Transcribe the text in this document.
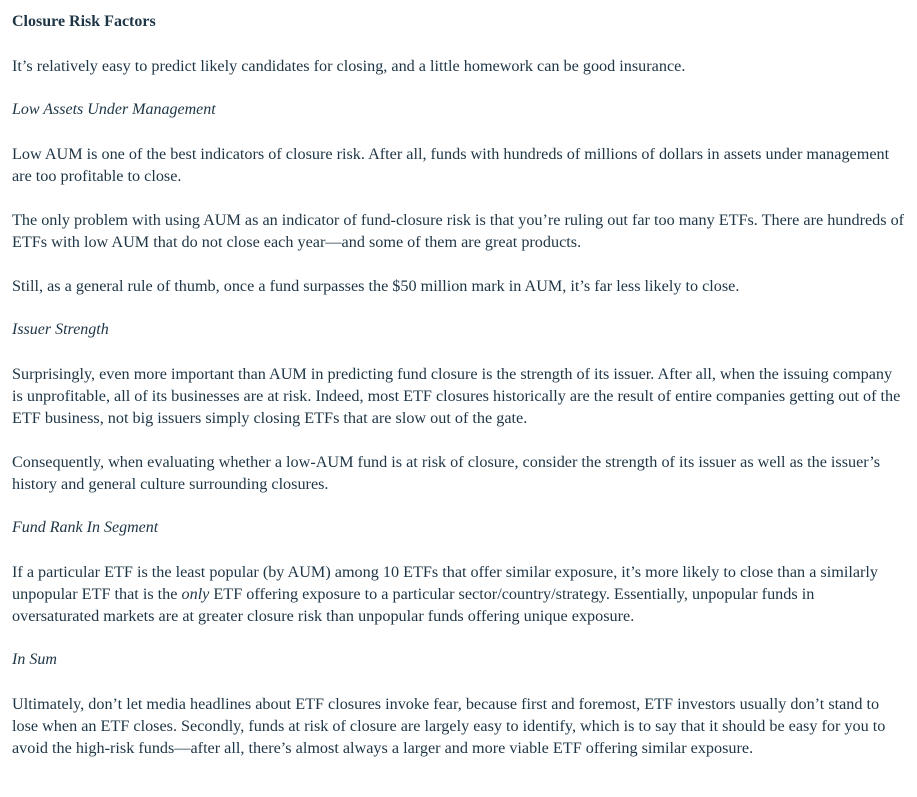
Closure Risk Factors

It’s relatively easy to predict likely candidates for closing, and a little homework can be good insurance.

Low Assets Under Management

Low AUM is one of the best indicators of closure risk. After all, funds with hundreds of millions of dollars in assets under management are too profitable to close.

The only problem with using AUM as an indicator of fund-closure risk is that you’re ruling out far too many ETFs. There are hundreds of ETFs with low AUM that do not close each year—and some of them are great products.

Still, as a general rule of thumb, once a fund surpasses the $50 million mark in AUM, it’s far less likely to close.

Issuer Strength

Surprisingly, even more important than AUM in predicting fund closure is the strength of its issuer. After all, when the issuing company is unprofitable, all of its businesses are at risk. Indeed, most ETF closures historically are the result of entire companies getting out of the ETF business, not big issuers simply closing ETFs that are slow out of the gate.

Consequently, when evaluating whether a low-AUM fund is at risk of closure, consider the strength of its issuer as well as the issuer’s history and general culture surrounding closures.

Fund Rank In Segment

If a particular ETF is the least popular (by AUM) among 10 ETFs that offer similar exposure, it’s more likely to close than a similarly unpopular ETF that is the only ETF offering exposure to a particular sector/country/strategy. Essentially, unpopular funds in oversaturated markets are at greater closure risk than unpopular funds offering unique exposure.

In Sum

Ultimately, don’t let media headlines about ETF closures invoke fear, because first and foremost, ETF investors usually don’t stand to lose when an ETF closes. Secondly, funds at risk of closure are largely easy to identify, which is to say that it should be easy for you to avoid the high-risk funds—after all, there’s almost always a larger and more viable ETF offering similar exposure.
